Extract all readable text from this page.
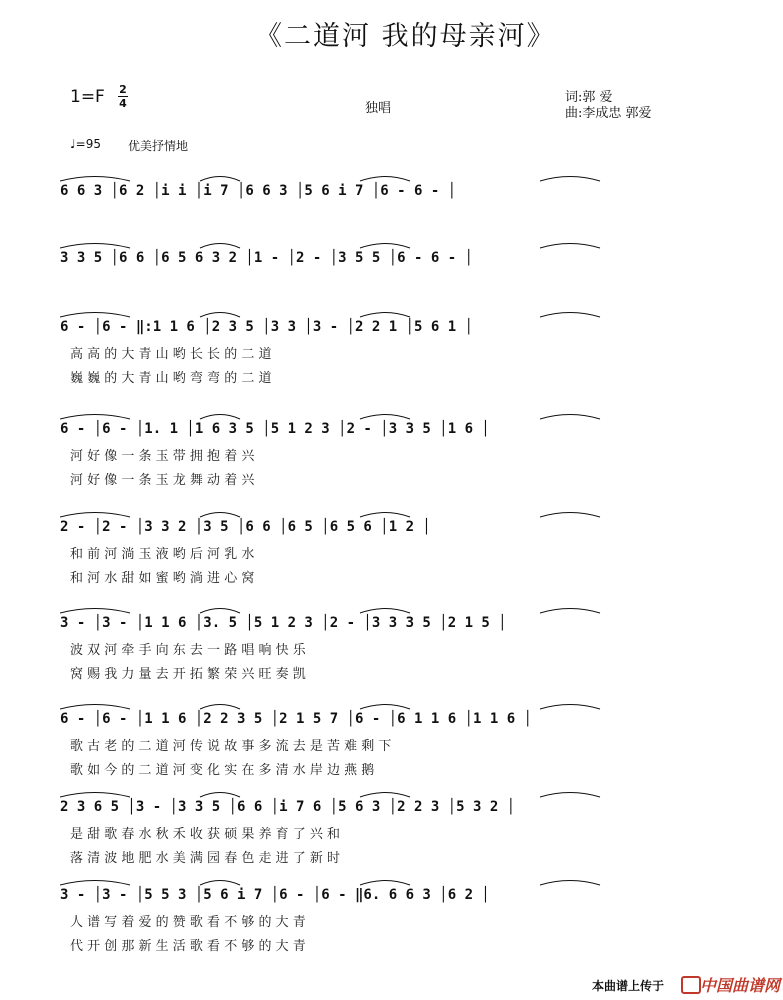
《二道河 我的母亲河》
1=F 2
4	独唱
词:郭 爱
曲:李成忠 郭爱
♩=95 优美抒情地
6 6 3 │6 2 │i i │i 7 │6 6 3 │5 6 i 7 │6 - 6 - │
3 3 5 │6 6 │6 5 6 3 2 │1 - │2 - │3 5 5 │6 - 6 - │
6 - │6 - ‖:1 1 6 │2 3 5 │3 3 │3 - │2 2 1 │5 6 1 │
高 高 的 大 青 山 哟 长 长 的 二 道
巍 巍 的 大 青 山 哟 弯 弯 的 二 道
6 - │6 - │1. 1 │1 6 3 5 │5 1 2 3 │2 - │3 3 5 │1 6 │
河 好 像 一 条 玉 带 拥 抱 着 兴
河 好 像 一 条 玉 龙 舞 动 着 兴
2 - │2 - │3 3 2 │3 5 │6 6 │6 5 │6 5 6 │1 2 │
和 前 河 淌 玉 液 哟 后 河 乳 水
和 河 水 甜 如 蜜 哟 淌 进 心 窝
3 - │3 - │1 1 6 │3. 5 │5 1 2 3 │2 - │3 3 3 5 │2 1 5 │
波 双 河 牵 手 向 东 去 一 路 唱 响 快 乐
窝 赐 我 力 量 去 开 拓 繁 荣 兴 旺 奏 凯
6 - │6 - │1 1 6 │2 2 3 5 │2 1 5 7 │6 - │6 1 1 6 │1 1 6 │
歌 古 老 的 二 道 河 传 说 故 事 多 流 去 是 苦 难 剩 下
歌 如 今 的 二 道 河 变 化 实 在 多 清 水 岸 边 燕 鹅
2 3 6 5 │3 - │3 3 5 │6 6 │i 7 6 │5 6 3 │2 2 3 │5 3 2 │
是 甜 歌 春 水 秋 禾 收 获 硕 果 养 育 了 兴 和
落 清 波 地 肥 水 美 满 园 春 色 走 进 了 新 时
3 - │3 - │5 5 3 │5 6 i 7 │6 - │6 - ‖6. 6 6 3 │6 2 │
人 谱 写 着 爱 的 赞 歌 看 不 够 的 大 青
代 开 创 那 新 生 活 歌 看 不 够 的 大 青
本曲谱上传于 中国曲谱网
